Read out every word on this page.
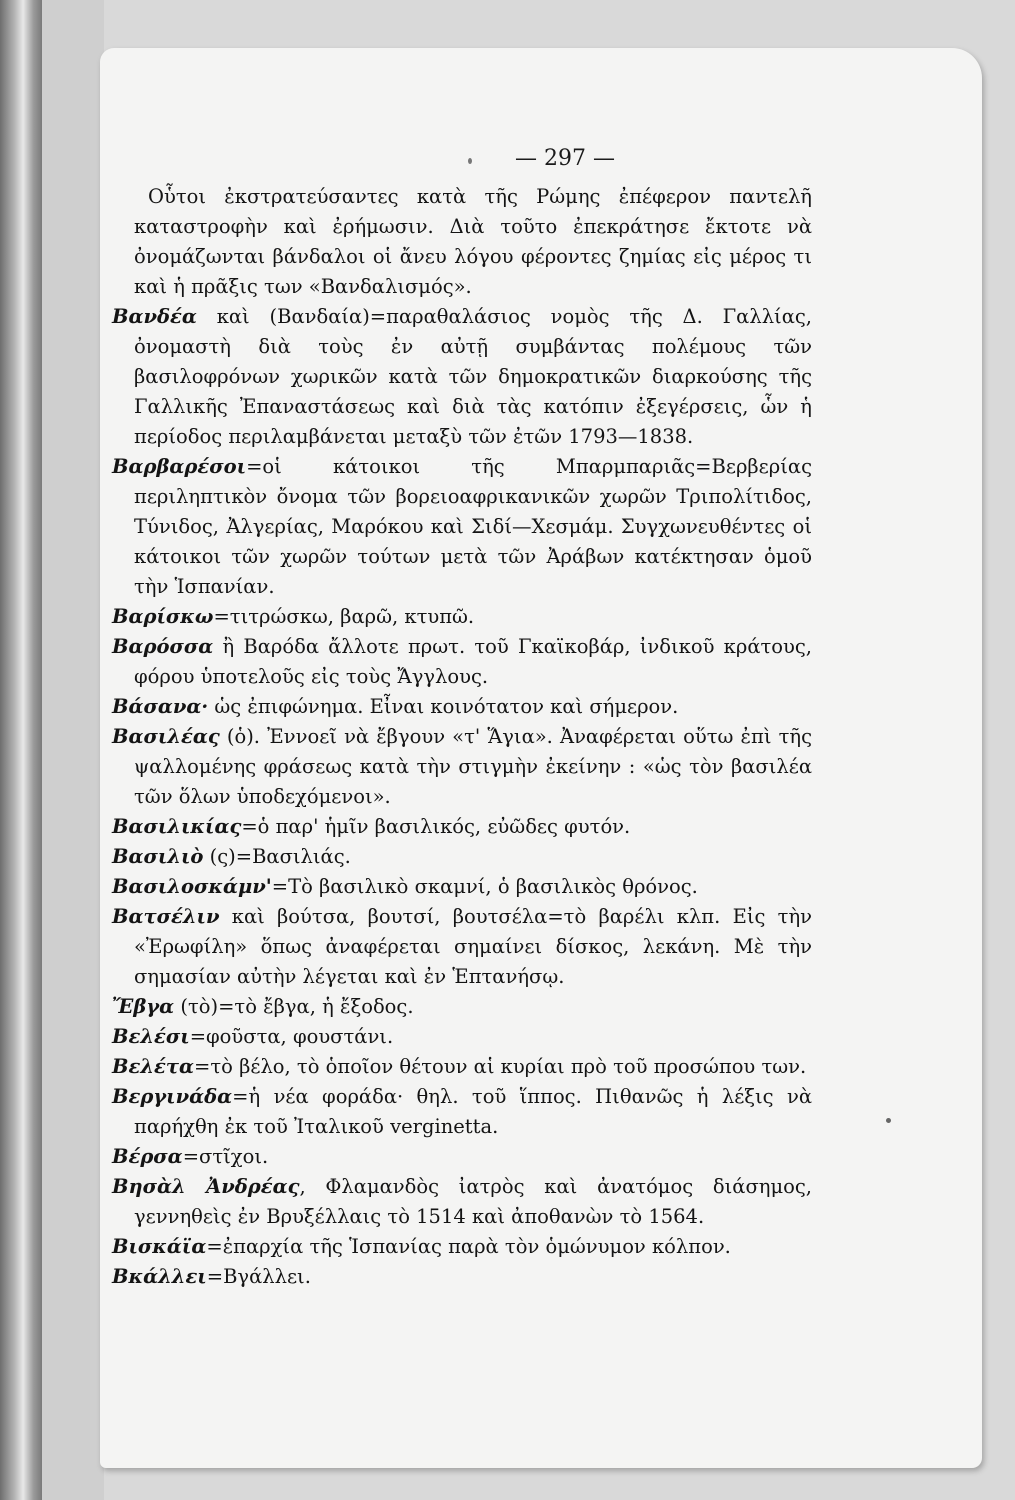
— 297 —

Οὗτοι ἐκστρατεύσαντες κατὰ τῆς Ρώμης ἐπέφερον παντελῆ καταστροφὴν καὶ ἐρήμωσιν. Διὰ τοῦτο ἐπεκράτησε ἔκτοτε νὰ ὀνομάζωνται βάνδαλοι οἱ ἄνευ λόγου φέροντες ζημίας εἰς μέρος τι καὶ ἡ πρᾶξις των «Βανδαλισμός».

Βανδέα καὶ (Βανδαία)=παραθαλάσιος νομὸς τῆς Δ. Γαλλίας, ὀνομαστὴ διὰ τοὺς ἐν αὐτῇ συμβάντας πολέμους τῶν βασιλοφρόνων χωρικῶν κατὰ τῶν δημοκρατικῶν διαρκούσης τῆς Γαλλικῆς Ἐπαναστάσεως καὶ διὰ τὰς κατόπιν ἐξεγέρσεις, ὧν ἡ περίοδος περιλαμβάνεται μεταξὺ τῶν ἐτῶν 1793—1838.

Βαρβαρέσοι=οἱ κάτοικοι τῆς Μπαρμπαριᾶς=Βερβερίας περιληπτικὸν ὄνομα τῶν βορειοαφρικανικῶν χωρῶν Τριπολίτιδος, Τύνιδος, Ἀλγερίας, Μαρόκου καὶ Σιδί—Χεσμάμ. Συγχωνευθέντες οἱ κάτοικοι τῶν χωρῶν τούτων μετὰ τῶν Ἀράβων κατέκτησαν ὁμοῦ τὴν Ἱσπανίαν.

Βαρίσκω=τιτρώσκω, βαρῶ, κτυπῶ.

Βαρόσσα ἢ Βαρόδα ἄλλοτε πρωτ. τοῦ Γκαϊκοβάρ, ἰνδικοῦ κράτους, φόρου ὑποτελοῦς εἰς τοὺς Ἄγγλους.

Βάσανα· ὡς ἐπιφώνημα. Εἶναι κοινότατον καὶ σήμερον.

Βασιλέας (ὁ). Ἐννοεῖ νὰ ἔβγουν «τ' Ἅγια». Ἀναφέρεται οὕτω ἐπὶ τῆς ψαλλομένης φράσεως κατὰ τὴν στιγμὴν ἐκείνην : «ὡς τὸν βασιλέα τῶν ὅλων ὑποδεχόμενοι».

Βασιλικίας=ὁ παρ' ἡμῖν βασιλικός, εὐῶδες φυτόν.

Βασιλιὸ (ς)=Βασιλιάς.

Βασιλοσκάμν'=Τὸ βασιλικὸ σκαμνί, ὁ βασιλικὸς θρόνος.

Βατσέλιν καὶ βούτσα, βουτσί, βουτσέλα=τὸ βαρέλι κλπ. Εἰς τὴν «Ἐρωφίλη» ὅπως ἀναφέρεται σημαίνει δίσκος, λεκάνη. Μὲ τὴν σημασίαν αὐτὴν λέγεται καὶ ἐν Ἑπτανήσῳ.

Ἔβγα (τὸ)=τὸ ἔβγα, ἡ ἔξοδος.

Βελέσι=φοῦστα, φουστάνι.

Βελέτα=τὸ βέλο, τὸ ὁποῖον θέτουν αἱ κυρίαι πρὸ τοῦ προσώπου των.

Βεργινάδα=ἡ νέα φοράδα· θηλ. τοῦ ἵππος. Πιθανῶς ἡ λέξις νὰ παρήχθη ἐκ τοῦ Ἰταλικοῦ verginetta.

Βέρσα=στῖχοι.

Βησὰλ Ἀνδρέας, Φλαμανδὸς ἰατρὸς καὶ ἀνατόμος διάσημος, γεννηθεὶς ἐν Βρυξέλλαις τὸ 1514 καὶ ἀποθανὼν τὸ 1564.

Βισκάϊα=ἐπαρχία τῆς Ἱσπανίας παρὰ τὸν ὁμώνυμον κόλπον.

Βκάλλει=Βγάλλει.
